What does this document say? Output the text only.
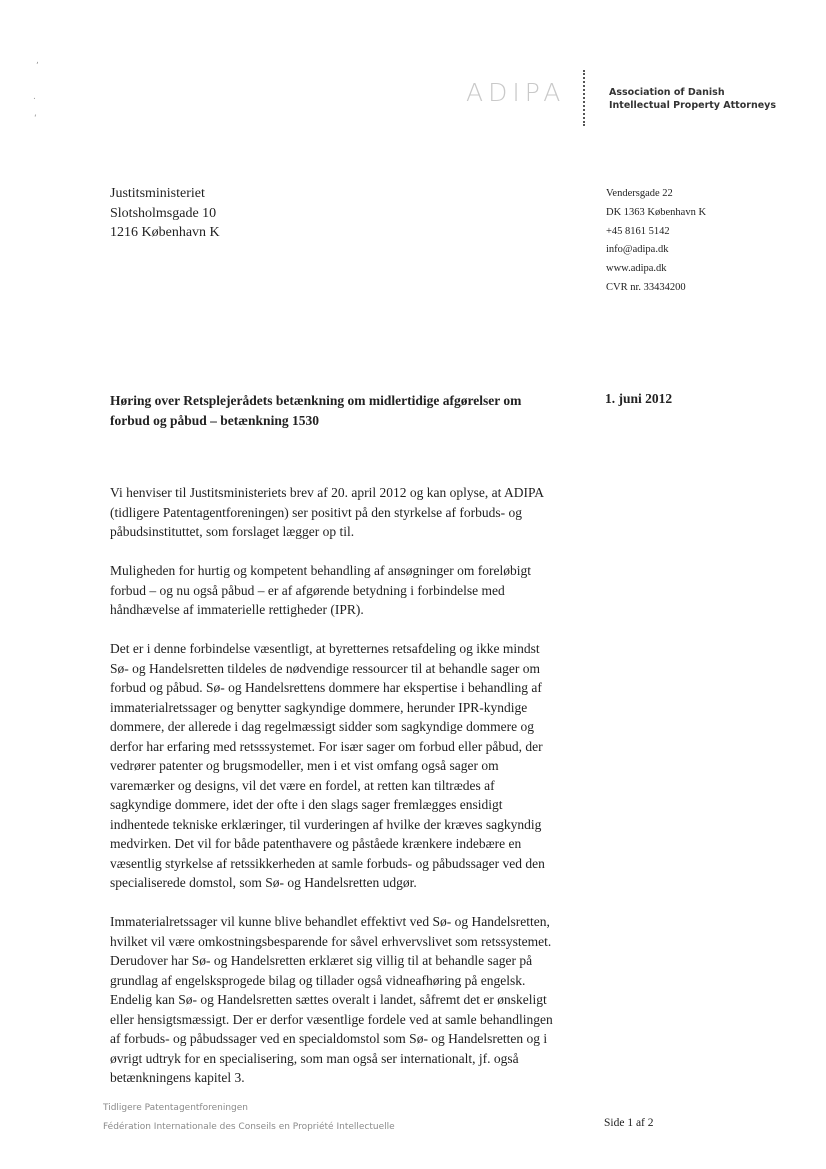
,
.
ʻ
ADIPA	Association of Danish
Intellectual Property Attorneys
Justitsministeriet
Slotsholmsgade 10
1216 København K
Vendersgade 22
DK 1363 København K
+45 8161 5142
info@adipa.dk
www.adipa.dk
CVR nr. 33434200
Høring over Retsplejerådets betænkning om midlertidige afgørelser om
forbud og påbud – betænkning 1530
1. juni 2012

Vi henviser til Justitsministeriets brev af 20. april 2012 og kan oplyse, at ADIPA
(tidligere Patentagentforeningen) ser positivt på den styrkelse af forbuds- og
påbudsinstituttet, som forslaget lægger op til.

Muligheden for hurtig og kompetent behandling af ansøgninger om foreløbigt
forbud – og nu også påbud – er af afgørende betydning i forbindelse med
håndhævelse af immaterielle rettigheder (IPR).

Det er i denne forbindelse væsentligt, at byretternes retsafdeling og ikke mindst
Sø- og Handelsretten tildeles de nødvendige ressourcer til at behandle sager om
forbud og påbud. Sø- og Handelsrettens dommere har ekspertise i behandling af
immaterialretssager og benytter sagkyndige dommere, herunder IPR-kyndige
dommere, der allerede i dag regelmæssigt sidder som sagkyndige dommere og
derfor har erfaring med retsssystemet. For især sager om forbud eller påbud, der
vedrører patenter og brugsmodeller, men i et vist omfang også sager om
varemærker og designs, vil det være en fordel, at retten kan tiltrædes af
sagkyndige dommere, idet der ofte i den slags sager fremlægges ensidigt
indhentede tekniske erklæringer, til vurderingen af hvilke der kræves sagkyndig
medvirken. Det vil for både patenthavere og påståede krænkere indebære en
væsentlig styrkelse af retssikkerheden at samle forbuds- og påbudssager ved den
specialiserede domstol, som Sø- og Handelsretten udgør.

Immaterialretssager vil kunne blive behandlet effektivt ved Sø- og Handelsretten,
hvilket vil være omkostningsbesparende for såvel erhvervslivet som retssystemet.
Derudover har Sø- og Handelsretten erklæret sig villig til at behandle sager på
grundlag af engelsksprogede bilag og tillader også vidneafhøring på engelsk.
Endelig kan Sø- og Handelsretten sættes overalt i landet, såfremt det er ønskeligt
eller hensigtsmæssigt. Der er derfor væsentlige fordele ved at samle behandlingen
af forbuds- og påbudssager ved en specialdomstol som Sø- og Handelsretten og i
øvrigt udtryk for en specialisering, som man også ser internationalt, jf. også
betænkningens kapitel 3.

Tidligere Patentagentforeningen
Fédération Internationale des Conseils en Propriété Intellectuelle	Side 1 af 2
